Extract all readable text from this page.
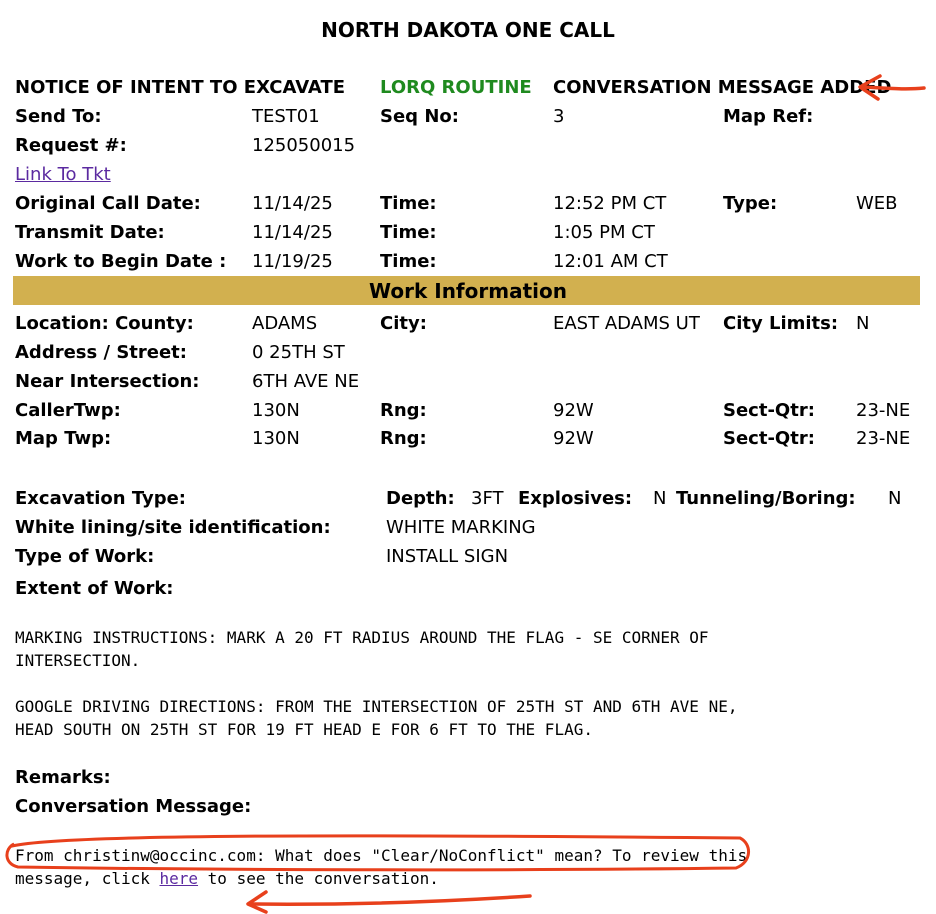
NORTH DAKOTA ONE CALL
NOTICE OF INTENT TO EXCAVATE LORQ ROUTINE CONVERSATION MESSAGE ADDED
Send To:	TEST01	Seq No:	3	Map Ref:
Request #:	125050015
Link To Tkt
Original Call Date:	11/14/25	Time:	12:52 PM CT	Type:	WEB
Transmit Date:	11/14/25	Time:	1:05 PM CT
Work to Begin Date : 11/19/25	Time:	12:01 AM CT
Work Information
Location: County:	ADAMS	City:	EAST ADAMS UT City Limits: N
Address / Street:	0 25TH ST
Near Intersection:	6TH AVE NE
CallerTwp:	130N	Rng:	92W	Sect-Qtr: 23-NE
Map Twp:	130N	Rng:	92W	Sect-Qtr: 23-NE
Excavation Type:	Depth: 3FT Explosives: N Tunneling/Boring: N
White lining/site identification:	WHITE MARKING
Type of Work:	INSTALL SIGN
Extent of Work:
MARKING INSTRUCTIONS: MARK A 20 FT RADIUS AROUND THE FLAG - SE CORNER OF
INTERSECTION.
GOOGLE DRIVING DIRECTIONS: FROM THE INTERSECTION OF 25TH ST AND 6TH AVE NE,
HEAD SOUTH ON 25TH ST FOR 19 FT HEAD E FOR 6 FT TO THE FLAG.
Remarks:
Conversation Message:
From christinw@occinc.com: What does "Clear/NoConflict" mean? To review this
message, click here to see the conversation.
